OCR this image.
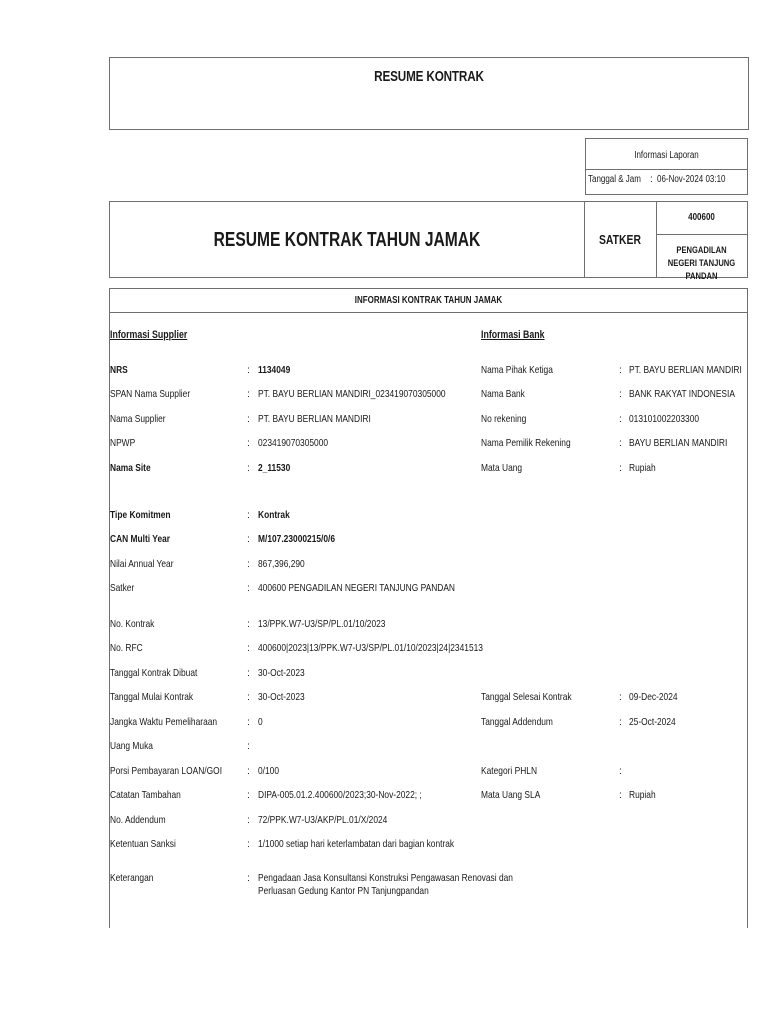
RESUME KONTRAK
Informasi Laporan
Tanggal & Jam : 06-Nov-2024 03:10
RESUME KONTRAK TAHUN JAMAK	SATKER
400600
PENGADILAN NEGERI TANJUNG
PANDAN
INFORMASI KONTRAK TAHUN JAMAK
Informasi Supplier	Informasi Bank
NRS	: 1134049
SPAN Nama Supplier	: PT. BAYU BERLIAN MANDIRI_023419070305000
Nama Supplier	: PT. BAYU BERLIAN MANDIRI
NPWP	: 023419070305000
Nama Site	: 2_11530
Nama Pihak Ketiga	: PT. BAYU BERLIAN MANDIRI
Nama Bank	: BANK RAKYAT INDONESIA
No rekening	: 013101002203300
Nama Pemilik Rekening	: BAYU BERLIAN MANDIRI
Mata Uang	: Rupiah
Tipe Komitmen	: Kontrak
CAN Multi Year	: M/107.23000215/0/6
Nilai Annual Year	: 867,396,290
Satker	: 400600 PENGADILAN NEGERI TANJUNG PANDAN
No. Kontrak	: 13/PPK.W7-U3/SP/PL.01/10/2023
No. RFC	: 400600|2023|13/PPK.W7-U3/SP/PL.01/10/2023|24|2341513
Tanggal Kontrak Dibuat	: 30-Oct-2023
Tanggal Mulai Kontrak	: 30-Oct-2023
Jangka Waktu Pemeliharaan	: 0
Uang Muka	:
Porsi Pembayaran LOAN/GOI : 0/100
Catatan Tambahan	: DIPA-005.01.2.400600/2023;30-Nov-2022; ;
No. Addendum	: 72/PPK.W7-U3/AKP/PL.01/X/2024
Ketentuan Sanksi	: 1/1000 setiap hari keterlambatan dari bagian kontrak
Tanggal Selesai Kontrak	: 09-Dec-2024
Tanggal Addendum	: 25-Oct-2024
Kategori PHLN	:
Mata Uang SLA	: Rupiah
Keterangan	: Pengadaan Jasa Konsultansi Konstruksi Pengawasan Renovasi dan
Perluasan Gedung Kantor PN Tanjungpandan
